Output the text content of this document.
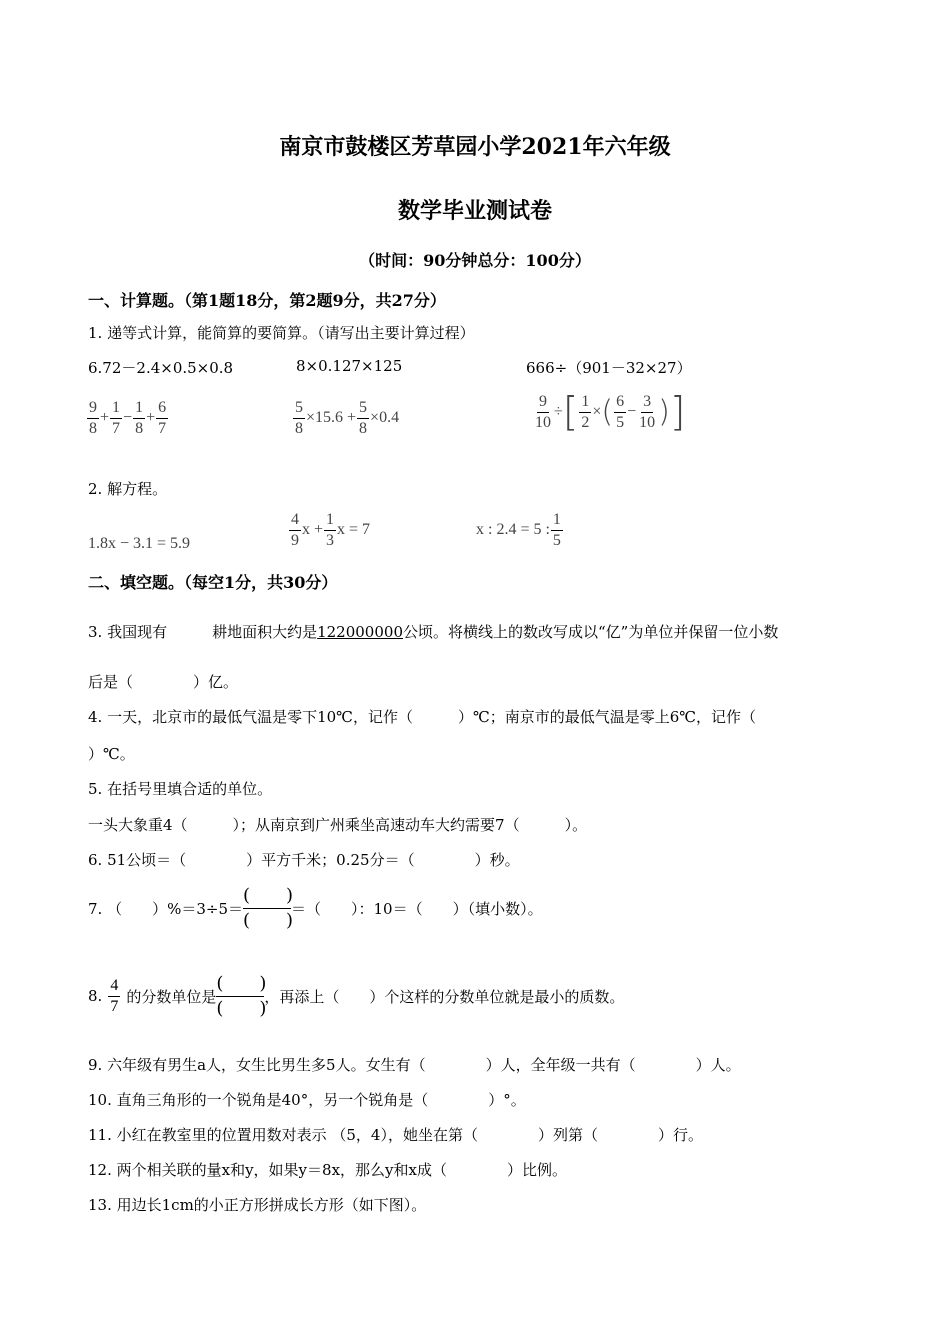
南京市鼓楼区芳草园小学2021年六年级
数学毕业测试卷
（时间：90分钟总分：100分）
一、计算题。（第1题18分，第2题9分，共27分）
1. 递等式计算，能简算的要简算。（请写出主要计算过程）
6.72－2.4×0.5×0.8	8×0.127×125	666÷（901－32×27）
$\frac{9}{8} + \frac{1}{7} - \frac{1}{8} + \frac{6}{7}$	$\frac{5}{8} \times 15.6 + \frac{5}{8} \times 0.4$	$\frac{9}{10}$ ÷[ $\frac{1}{2}$ ×( $\frac{6}{5} - \frac{3}{10}$ )]
2. 解方程。
1.8x − 3.1 = 5.9	$\frac{4}{9}$ $x + \frac{1}{3}$ x = 7	x : 2.4 = 5 : $\frac{1}{5}$
二、填空题。（每空1分，共30分）
3. 我国现有　　　耕地面积大约是122000000公顷。将横线上的数改写成以“亿”为单位并保留一位小数
后是（　　　　）亿。
4. 一天，北京市的最低气温是零下10℃，记作（　　　）℃；南京市的最低气温是零上6℃，记作（
）℃。
5. 在括号里填合适的单位。
一头大象重4（　　　）；从南京到广州乘坐高速动车大约需要7（　　　）。
6. 51公顷＝（　　　　）平方千米；0.25分＝（　　　　）秒。
7. （　　）$\%=3\div 5= \frac{( )}{( )}$ ＝（　　）：10＝（　　）（填小数）。
8. $\frac{4}{7}$ 的分数单位是 $\frac{( )}{( )}$ ，再添上（　　）个这样的分数单位就是最小的质数。
9. 六年级有男生a人，女生比男生多5人。女生有（　　　　）人，全年级一共有（　　　　）人。
10. 直角三角形的一个锐角是40°，另一个锐角是（　　　　）°。
11. 小红在教室里的位置用数对表示 （5，4），她坐在第（　　　　）列第（　　　　）行。
12. 两个相关联的量x和y，如果y＝8x，那么y和x成（　　　　）比例。
13. 用边长1cm的小正方形拼成长方形（如下图）。
